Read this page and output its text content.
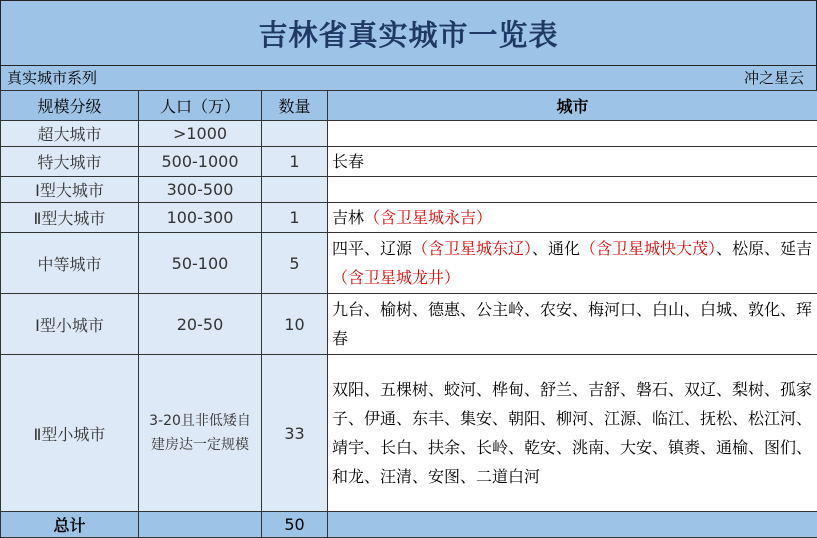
吉林省真实城市一览表
真实城市系列	冲之星云
规模分级	人口（万）	数量	城市
超大城市	>1000		
特大城市	500-1000	1	长春
Ⅰ型大城市	300-500		
Ⅱ型大城市	100-300	1	吉林（含卫星城永吉）
中等城市	50-100	5	四平、辽源（含卫星城东辽）、通化（含卫星城快大茂）、松原、延吉（含卫星城龙井）
Ⅰ型小城市	20-50	10	九台、榆树、德惠、公主岭、农安、梅河口、白山、白城、敦化、珲春
Ⅱ型小城市	3-20且非低矮自建房达一定规模	33	双阳、五棵树、蛟河、桦甸、舒兰、吉舒、磐石、双辽、梨树、孤家子、伊通、东丰、集安、朝阳、柳河、江源、临江、抚松、松江河、靖宇、长白、扶余、长岭、乾安、洮南、大安、镇赉、通榆、图们、和龙、汪清、安图、二道白河
总计		50	
